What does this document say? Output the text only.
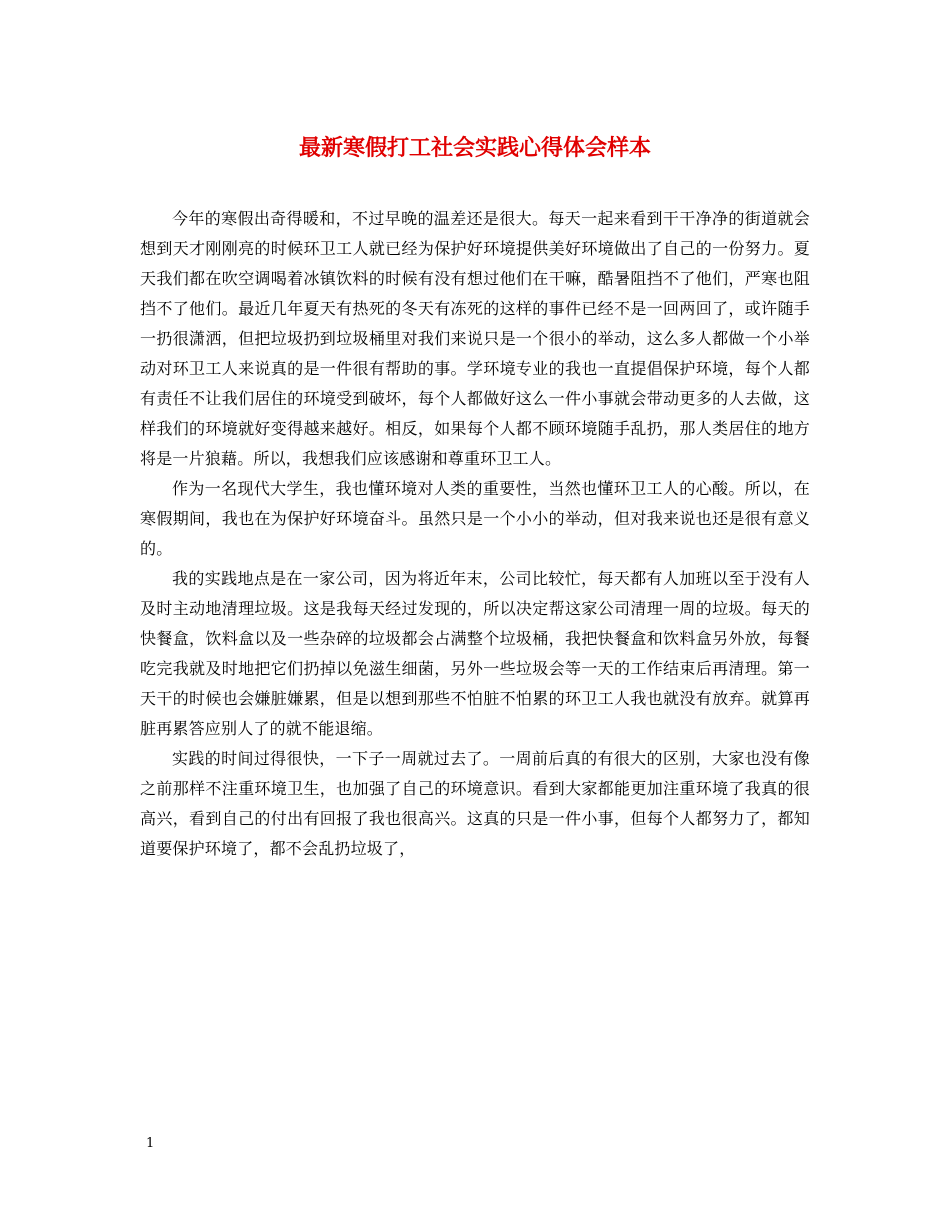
最新寒假打工社会实践心得体会样本

今年的寒假出奇得暖和，不过早晚的温差还是很大。每天一起来看到干干净净的街道就会想到天才刚刚亮的时候环卫工人就已经为保护好环境提供美好环境做出了自己的一份努力。夏天我们都在吹空调喝着冰镇饮料的时候有没有想过他们在干嘛，酷暑阻挡不了他们，严寒也阻挡不了他们。最近几年夏天有热死的冬天有冻死的这样的事件已经不是一回两回了，或许随手一扔很潇洒，但把垃圾扔到垃圾桶里对我们来说只是一个很小的举动，这么多人都做一个小举动对环卫工人来说真的是一件很有帮助的事。学环境专业的我也一直提倡保护环境，每个人都有责任不让我们居住的环境受到破坏，每个人都做好这么一件小事就会带动更多的人去做，这样我们的环境就好变得越来越好。相反，如果每个人都不顾环境随手乱扔，那人类居住的地方将是一片狼藉。所以，我想我们应该感谢和尊重环卫工人。

作为一名现代大学生，我也懂环境对人类的重要性，当然也懂环卫工人的心酸。所以，在寒假期间，我也在为保护好环境奋斗。虽然只是一个小小的举动，但对我来说也还是很有意义的。

我的实践地点是在一家公司，因为将近年末，公司比较忙，每天都有人加班以至于没有人及时主动地清理垃圾。这是我每天经过发现的，所以决定帮这家公司清理一周的垃圾。每天的快餐盒，饮料盒以及一些杂碎的垃圾都会占满整个垃圾桶，我把快餐盒和饮料盒另外放，每餐吃完我就及时地把它们扔掉以免滋生细菌，另外一些垃圾会等一天的工作结束后再清理。第一天干的时候也会嫌脏嫌累，但是以想到那些不怕脏不怕累的环卫工人我也就没有放弃。就算再脏再累答应别人了的就不能退缩。

实践的时间过得很快，一下子一周就过去了。一周前后真的有很大的区别，大家也没有像之前那样不注重环境卫生，也加强了自己的环境意识。看到大家都能更加注重环境了我真的很高兴，看到自己的付出有回报了我也很高兴。这真的只是一件小事，但每个人都努力了，都知道要保护环境了，都不会乱扔垃圾了，

1
